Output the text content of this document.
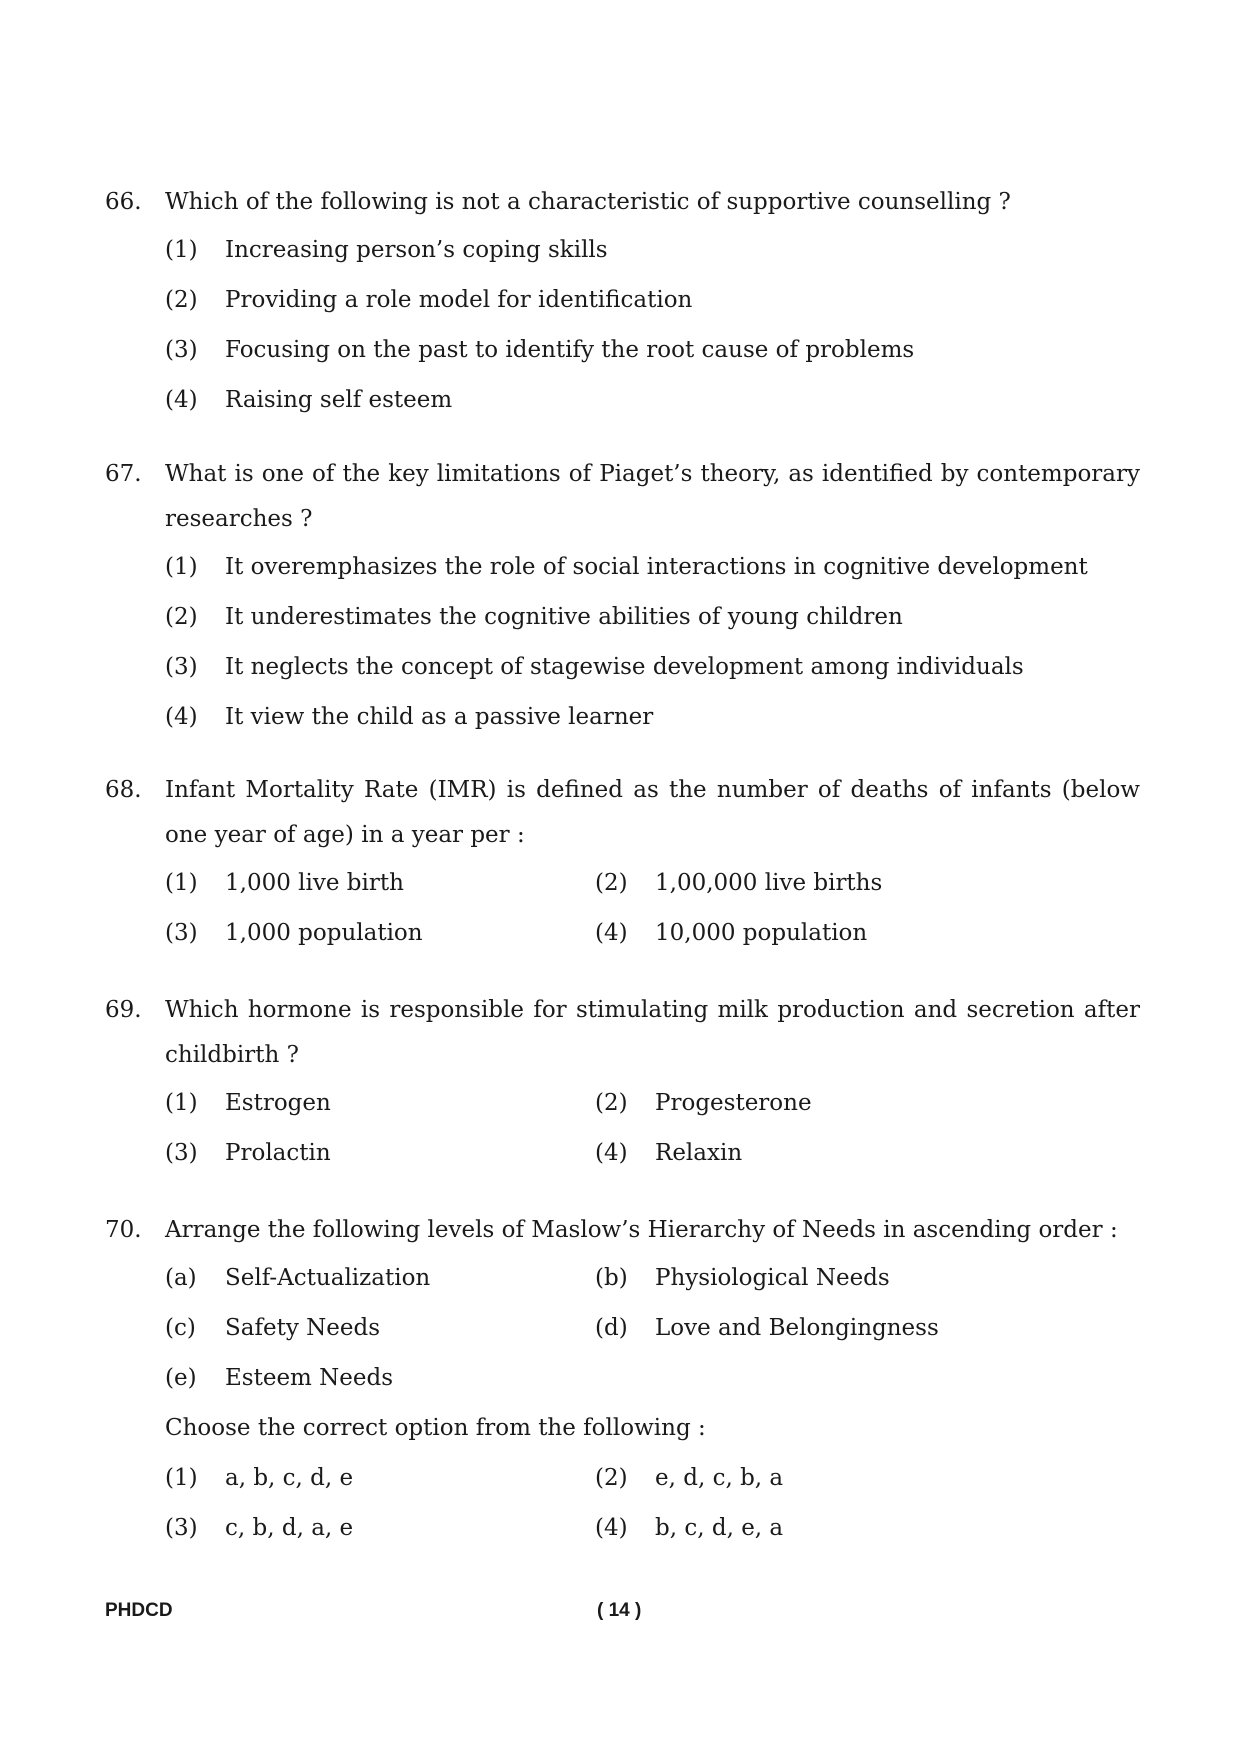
66.	Which of the following is not a characteristic of supportive counselling ?
(1)	Increasing person’s coping skills
(2)	Providing a role model for identification
(3)	Focusing on the past to identify the root cause of problems
(4)	Raising self esteem
67.	What is one of the key limitations of Piaget’s theory, as identified by contemporary researches ?
(1)	It overemphasizes the role of social interactions in cognitive development
(2)	It underestimates the cognitive abilities of young children
(3)	It neglects the concept of stagewise development among individuals
(4)	It view the child as a passive learner
68.	Infant Mortality Rate (IMR) is defined as the number of deaths of infants (below one year of age) in a year per :
(1)	1,000 live birth	(2)	1,00,000 live births
(3)	1,000 population	(4)	10,000 population
69.	Which hormone is responsible for stimulating milk production and secretion after childbirth ?
(1)	Estrogen	(2)	Progesterone
(3)	Prolactin	(4)	Relaxin
70.	Arrange the following levels of Maslow’s Hierarchy of Needs in ascending order :
(a)	Self-Actualization	(b)	Physiological Needs
(c)	Safety Needs	(d)	Love and Belongingness
(e)	Esteem Needs
Choose the correct option from the following :
(1)	a, b, c, d, e	(2)	e, d, c, b, a
(3)	c, b, d, a, e	(4)	b, c, d, e, a
PHDCD	( 14 )
